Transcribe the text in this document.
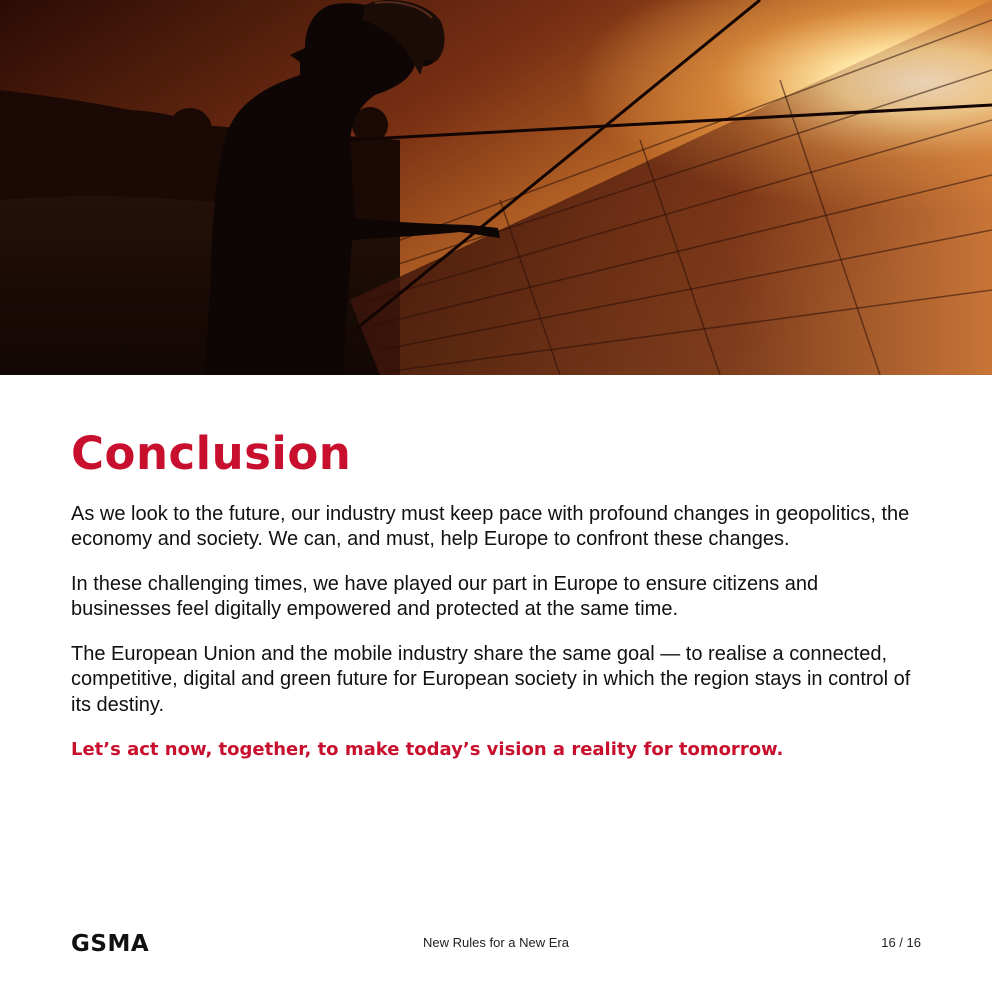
Conclusion

As we look to the future, our industry must keep pace with profound changes in geopolitics, the economy and society. We can, and must, help Europe to confront these changes.

In these challenging times, we have played our part in Europe to ensure citizens and businesses feel digitally empowered and protected at the same time.

The European Union and the mobile industry share the same goal — to realise a connected, competitive, digital and green future for European society in which the region stays in control of its destiny.

Let’s act now, together, to make today’s vision a reality for tomorrow.

GSMA	New Rules for a New Era	16 / 16
